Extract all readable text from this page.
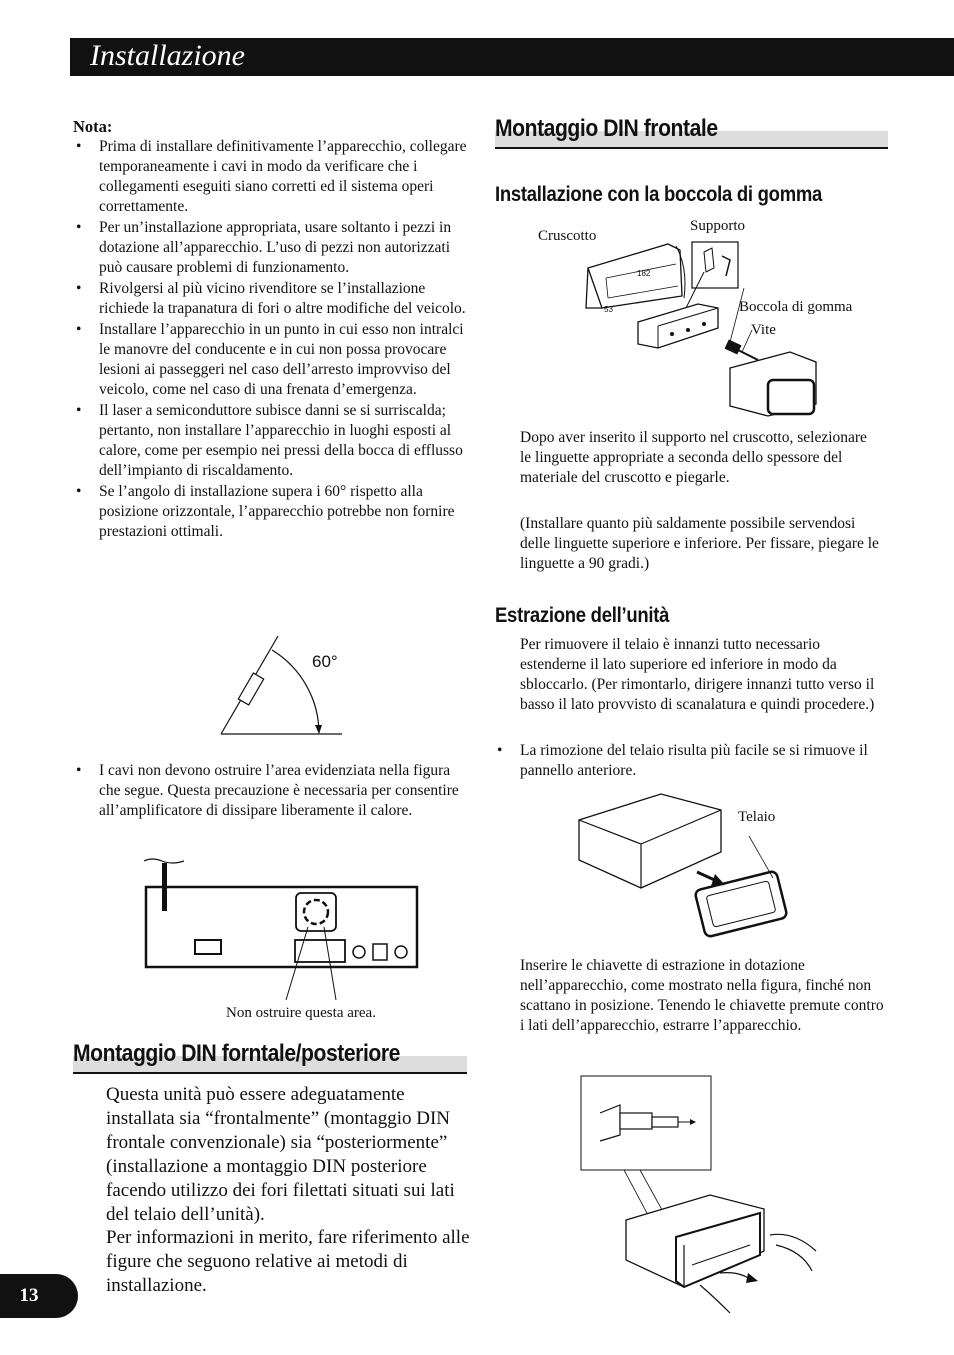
Installazione
Nota:
• Prima di installare definitivamente l’apparecchio, collegare temporaneamente i cavi in modo da verificare che i collegamenti eseguiti siano corretti ed il sistema operi correttamente.
• Per un’installazione appropriata, usare soltanto i pezzi in dotazione all’apparecchio. L’uso di pezzi non autorizzati può causare problemi di funzionamento.
• Rivolgersi al più vicino rivenditore se l’installazione richiede la trapanatura di fori o altre modifiche del veicolo.
• Installare l’apparecchio in un punto in cui esso non intralci le manovre del conducente e in cui non possa provocare lesioni ai passeggeri nel caso dell’arresto improvviso del veicolo, come nel caso di una frenata d’emergenza.
• Il laser a semiconduttore subisce danni se si surriscalda; pertanto, non installare l’apparecchio in luoghi esposti al calore, come per esempio nei pressi della bocca di efflusso dell’impianto di riscaldamento.
• Se l’angolo di installazione supera i 60° rispetto alla posizione orizzontale, l’apparecchio potrebbe non fornire prestazioni ottimali.
60°
• I cavi non devono ostruire l’area evidenziata nella figura che segue. Questa precauzione è necessaria per consentire all’amplificatore di dissipare liberamente il calore.
Non ostruire questa area.
Montaggio DIN forntale/posteriore
Questa unità può essere adeguatamente installata sia “frontalmente” (montaggio DIN frontale convenzionale) sia “posteriormente” (installazione a montaggio DIN posteriore facendo utilizzo dei fori filettati situati sui lati del telaio dell’unità).
Per informazioni in merito, fare riferimento alle figure che seguono relative ai metodi di installazione.
13
Montaggio DIN frontale
Installazione con la boccola di gomma
182
53
Cruscotto
Supporto
Boccola di gomma
Vite
Dopo aver inserito il supporto nel cruscotto, selezionare le linguette appropriate a seconda dello spessore del materiale del cruscotto e piegarle.
(Installare quanto più saldamente possibile servendosi delle linguette superiore e inferiore. Per fissare, piegare le linguette a 90 gradi.)
Estrazione dell’unità
Per rimuovere il telaio è innanzi tutto necessario estenderne il lato superiore ed inferiore in modo da sbloccarlo. (Per rimontarlo, dirigere innanzi tutto verso il basso il lato provvisto di scanalatura e quindi procedere.)
• La rimozione del telaio risulta più facile se si rimuove il pannello anteriore.
Telaio
Inserire le chiavette di estrazione in dotazione nell’apparecchio, come mostrato nella figura, finché non scattano in posizione. Tenendo le chiavette premute contro i lati dell’apparecchio, estrarre l’apparecchio.
